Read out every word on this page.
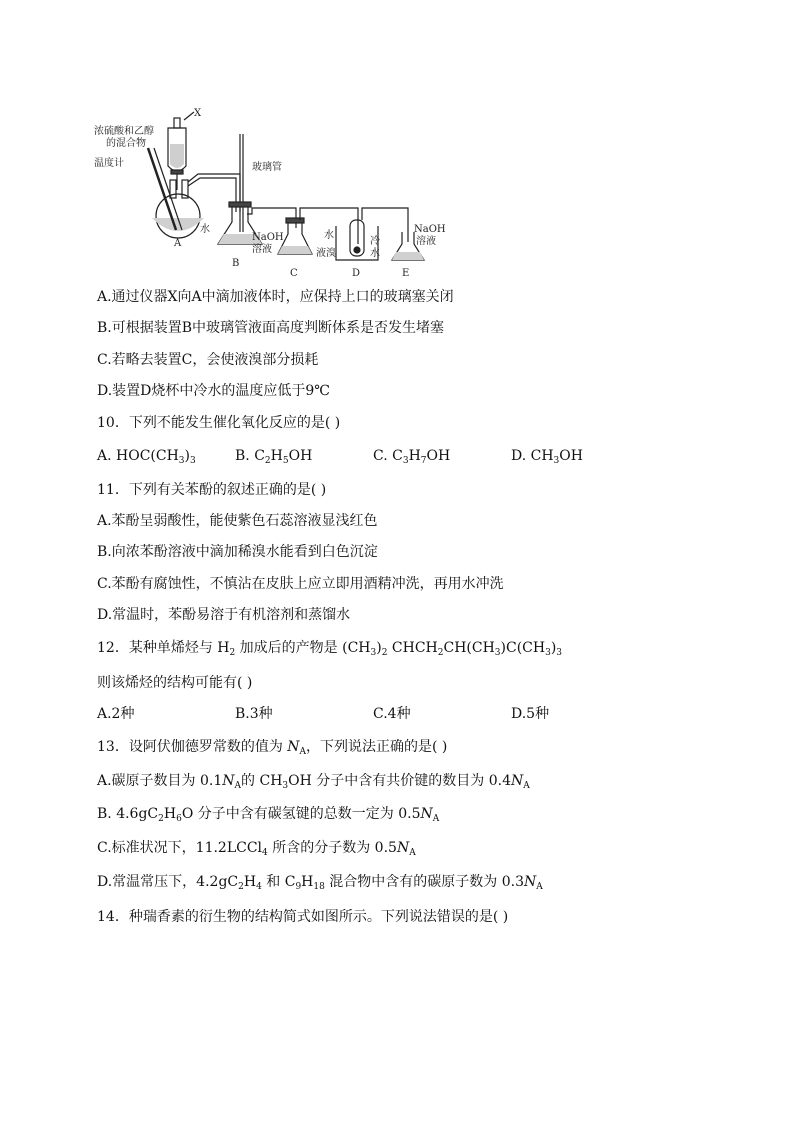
浓硫酸和乙醇
的混合物
X
温度计	玻璃管
A
水
NaOH
溶液
B
C
水
液溴
冷
水
D
NaOH
溶液
E
A.通过仪器X向A中滴加液体时，应保持上口的玻璃塞关闭
B.可根据装置B中玻璃管液面高度判断体系是否发生堵塞
C.若略去装置C，会使液溴部分损耗
D.装置D烧杯中冷水的温度应低于9℃
10．下列不能发生催化氧化反应的是( )
A. $HOC(CH_3)_3$	B. $C_2H_5OH$	C. $C_3H_7OH$	D. $CH_3OH$
11．下列有关苯酚的叙述正确的是( )
A.苯酚呈弱酸性，能使紫色石蕊溶液显浅红色
B.向浓苯酚溶液中滴加稀溴水能看到白色沉淀
C.苯酚有腐蚀性，不慎沾在皮肤上应立即用酒精冲洗，再用水冲洗
D.常温时，苯酚易溶于有机溶剂和蒸馏水
12．某种单烯烃与 $H_2$ 加成后的产物是 $(CH_3)_2$ $CHCH_2CH(CH_3)C(CH_3)_3$
则该烯烃的结构可能有( )
A.2种	B.3种	C.4种	D.5种
13．设阿伏伽德罗常数的值为 $N_A$，下列说法正确的是( )
A.碳原子数目为 $0.1N_A$的 $CH_3OH$ 分子中含有共价键的数目为 $0.4N_A$
B. $4.6gC_2H_6O$ 分子中含有碳氢键的总数一定为 $0.5N_A$
C.标准状况下，11.2LCCl$_4$ 所含的分子数为 $0.5N_A$
D.常温常压下，$4.2gC_2H_4$ 和 $C_9H_{18}$ 混合物中含有的碳原子数为 $0.3N_A$
14．种瑞香素的衍生物的结构简式如图所示。下列说法错误的是( )
